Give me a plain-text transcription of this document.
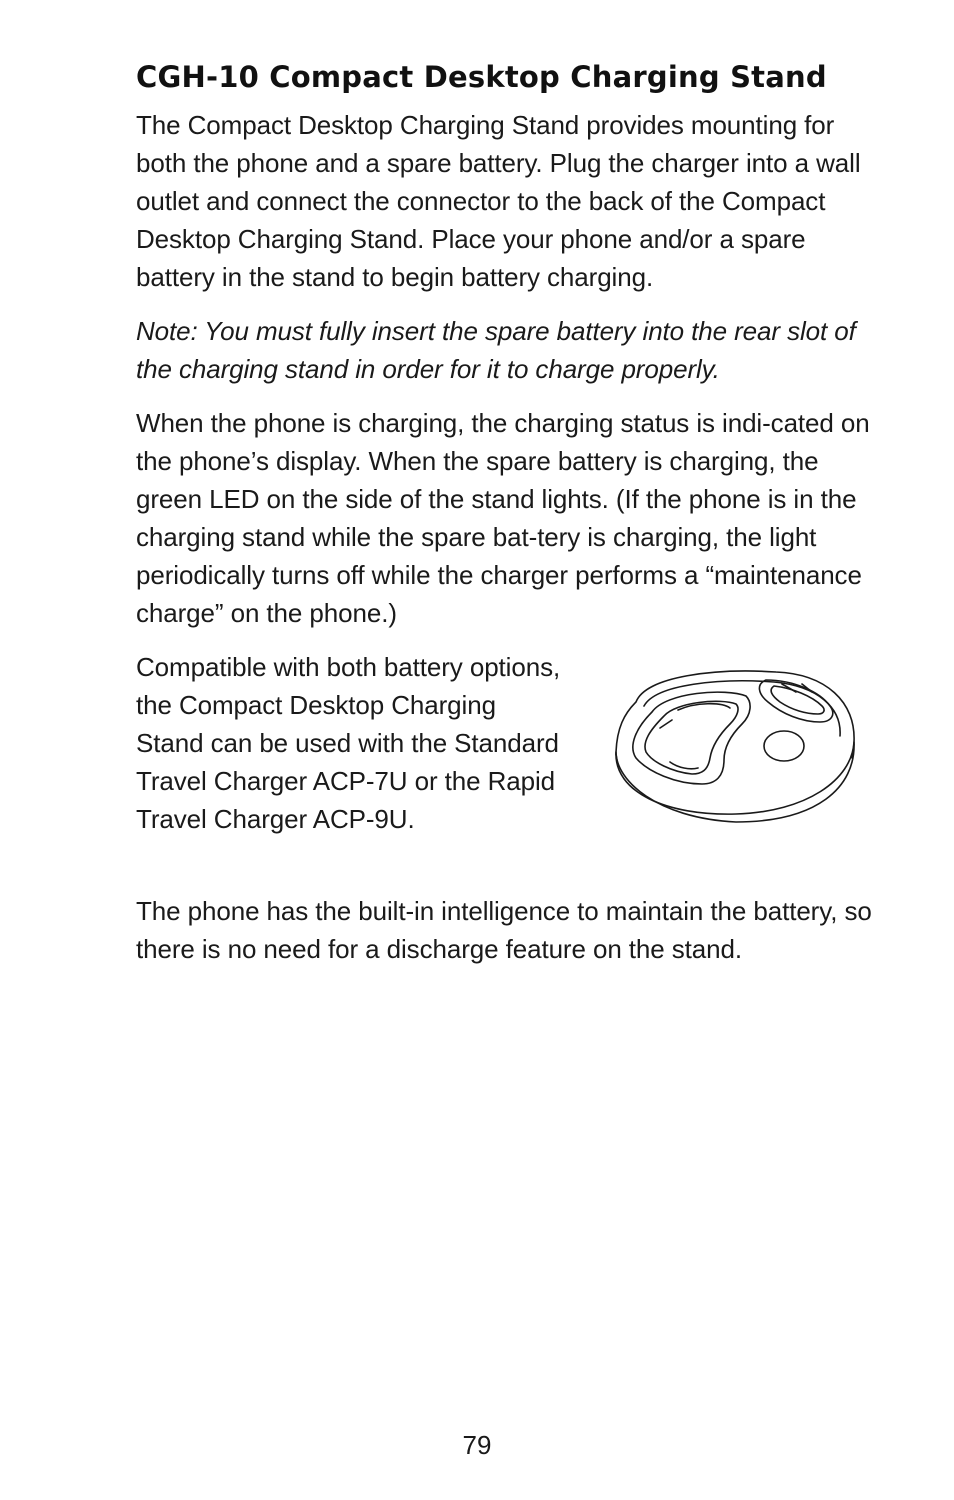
CGH-10 Compact Desktop Charging Stand

The Compact Desktop Charging Stand provides mounting for both the phone and a spare battery. Plug the charger into a wall outlet and connect the connector to the back of the Compact Desktop Charging Stand. Place your phone and/or a spare battery in the stand to begin battery charging.

Note: You must fully insert the spare battery into the rear slot of the charging stand in order for it to charge properly.

When the phone is charging, the charging status is indi-cated on the phone’s display. When the spare battery is charging, the green LED on the side of the stand lights. (If the phone is in the charging stand while the spare bat-tery is charging, the light periodically turns off while the charger performs a “maintenance charge” on the phone.)

Compatible with both battery options, the Compact Desktop Charging Stand can be used with the Standard Travel Charger ACP-7U or the Rapid Travel Charger ACP-9U.

The phone has the built-in intelligence to maintain the battery, so there is no need for a discharge feature on the stand.

79
